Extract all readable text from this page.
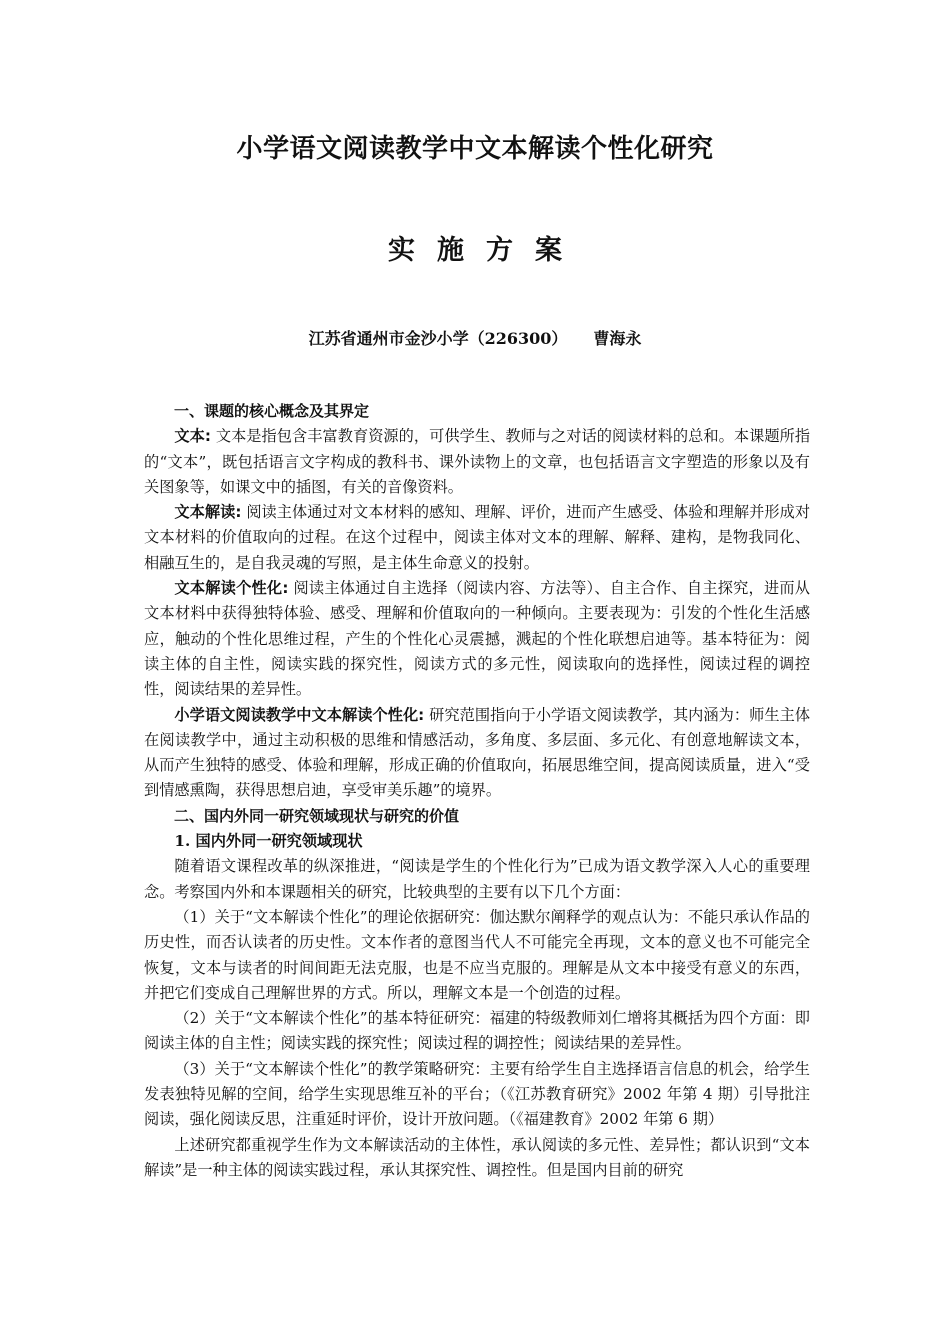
小学语文阅读教学中文本解读个性化研究
实施方案
江苏省通州市金沙小学（226300） 曹海永

一、课题的核心概念及其界定

文本: 文本是指包含丰富教育资源的，可供学生、教师与之对话的阅读材料的总和。本课题所指的“文本”，既包括语言文字构成的教科书、课外读物上的文章，也包括语言文字塑造的形象以及有关图象等，如课文中的插图，有关的音像资料。

文本解读: 阅读主体通过对文本材料的感知、理解、评价，进而产生感受、体验和理解并形成对文本材料的价值取向的过程。在这个过程中，阅读主体对文本的理解、解释、建构，是物我同化、相融互生的，是自我灵魂的写照，是主体生命意义的投射。

文本解读个性化: 阅读主体通过自主选择（阅读内容、方法等）、自主合作、自主探究，进而从文本材料中获得独特体验、感受、理解和价值取向的一种倾向。主要表现为：引发的个性化生活感应，触动的个性化思维过程，产生的个性化心灵震撼，溅起的个性化联想启迪等。基本特征为：阅读主体的自主性，阅读实践的探究性，阅读方式的多元性，阅读取向的选择性，阅读过程的调控性，阅读结果的差异性。

小学语文阅读教学中文本解读个性化: 研究范围指向于小学语文阅读教学，其内涵为：师生主体在阅读教学中，通过主动积极的思维和情感活动，多角度、多层面、多元化、有创意地解读文本，从而产生独特的感受、体验和理解，形成正确的价值取向，拓展思维空间，提高阅读质量，进入“受到情感熏陶，获得思想启迪，享受审美乐趣”的境界。

二、国内外同一研究领域现状与研究的价值

1. 国内外同一研究领域现状

随着语文课程改革的纵深推进，“阅读是学生的个性化行为”已成为语文教学深入人心的重要理念。考察国内外和本课题相关的研究，比较典型的主要有以下几个方面：

（1）关于“文本解读个性化”的理论依据研究：伽达默尔阐释学的观点认为：不能只承认作品的历史性，而否认读者的历史性。文本作者的意图当代人不可能完全再现，文本的意义也不可能完全恢复，文本与读者的时间间距无法克服，也是不应当克服的。理解是从文本中接受有意义的东西，并把它们变成自己理解世界的方式。所以，理解文本是一个创造的过程。

（2）关于“文本解读个性化”的基本特征研究：福建的特级教师刘仁增将其概括为四个方面：即阅读主体的自主性；阅读实践的探究性；阅读过程的调控性；阅读结果的差异性。

（3）关于“文本解读个性化”的教学策略研究：主要有给学生自主选择语言信息的机会，给学生发表独特见解的空间，给学生实现思维互补的平台；（《江苏教育研究》2002 年第 4 期）引导批注阅读，强化阅读反思，注重延时评价，设计开放问题。（《福建教育》2002 年第 6 期）

上述研究都重视学生作为文本解读活动的主体性，承认阅读的多元性、差异性；都认识到“文本解读”是一种主体的阅读实践过程，承认其探究性、调控性。但是国内目前的研究
